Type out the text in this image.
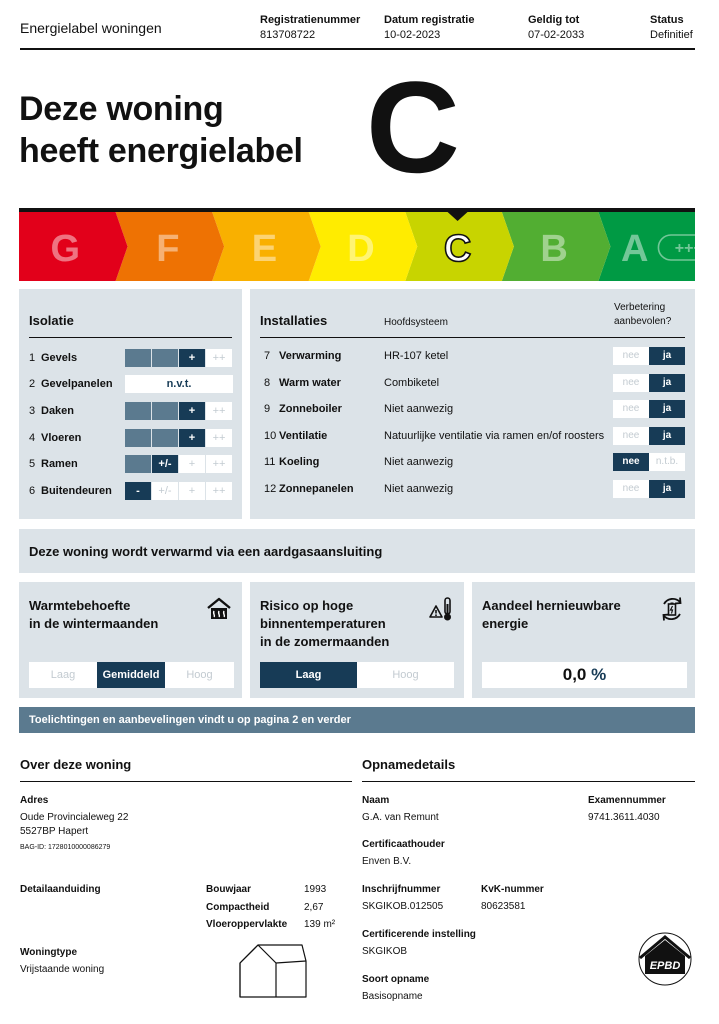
Energielabel woningen	Registratienummer
813708722
Datum registratie
10-02-2023
Geldig tot
07-02-2033
Status
Definitief
Deze woning
heeft energielabel C
G F E D C B A ++++
Isolatie
1 Gevels	+	++
2 Gevelpanelen	n.v.t.
3 Daken	+	++
4 Vloeren	+	++
5 Ramen	+/-	+	++
6 Buitendeuren	-	+/-	+	++
Installaties	Hoofdsysteem
Verbetering
aanbevolen?
7 Verwarming	HR-107 ketel	nee	ja
8 Warm water	Combiketel	nee	ja
9 Zonneboiler	Niet aanwezig	nee	ja
10 Ventilatie	Natuurlijke ventilatie via ramen en/of roosters	nee	ja
11 Koeling	Niet aanwezig	nee	n.t.b.
12 Zonnepanelen	Niet aanwezig	nee	ja
Deze woning wordt verwarmd via een aardgasaansluiting
Warmtebehoefte
in de wintermaanden
Laag	Gemiddeld	Hoog
Risico op hoge
binnentemperaturen
in de zomermaanden
Laag	Hoog
Aandeel hernieuwbare
energie
0,0 %
Toelichtingen en aanbevelingen vindt u op pagina 2 en verder
Over deze woning
Adres
Oude Provincialeweg 22
5527BP Hapert
BAG-ID: 1728010000086279
Detailaanduiding	Bouwjaar	1993
Compactheid	2,67
Vloeroppervlakte 139 m²
Woningtype
Vrijstaande woning
Opnamedetails
Naam
G.A. van Remunt
Examennummer
9741.3611.4030
Certificaathouder
Enven B.V.
Inschrijfnummer
SKGIKOB.012505
KvK-nummer
80623581
Certificerende instelling
SKGIKOB
Soort opname
Basisopname
EPBD
